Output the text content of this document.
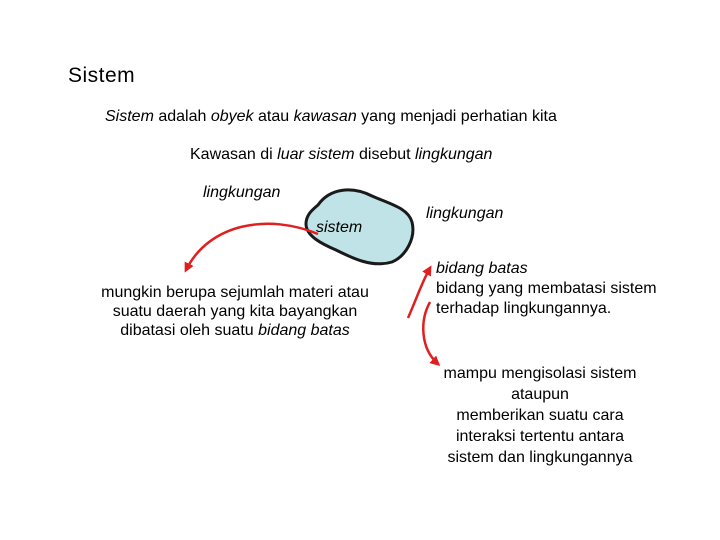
Sistem
Sistem adalah obyek atau kawasan yang menjadi perhatian kita
Kawasan di luar sistem disebut lingkungan
lingkungan
sistem
lingkungan
mungkin berupa sejumlah materi atau
suatu daerah yang kita bayangkan
dibatasi oleh suatu bidang batas
bidang batas
bidang yang membatasi sistem
terhadap lingkungannya.
mampu mengisolasi sistem
ataupun
memberikan suatu cara
interaksi tertentu antara
sistem dan lingkungannya
